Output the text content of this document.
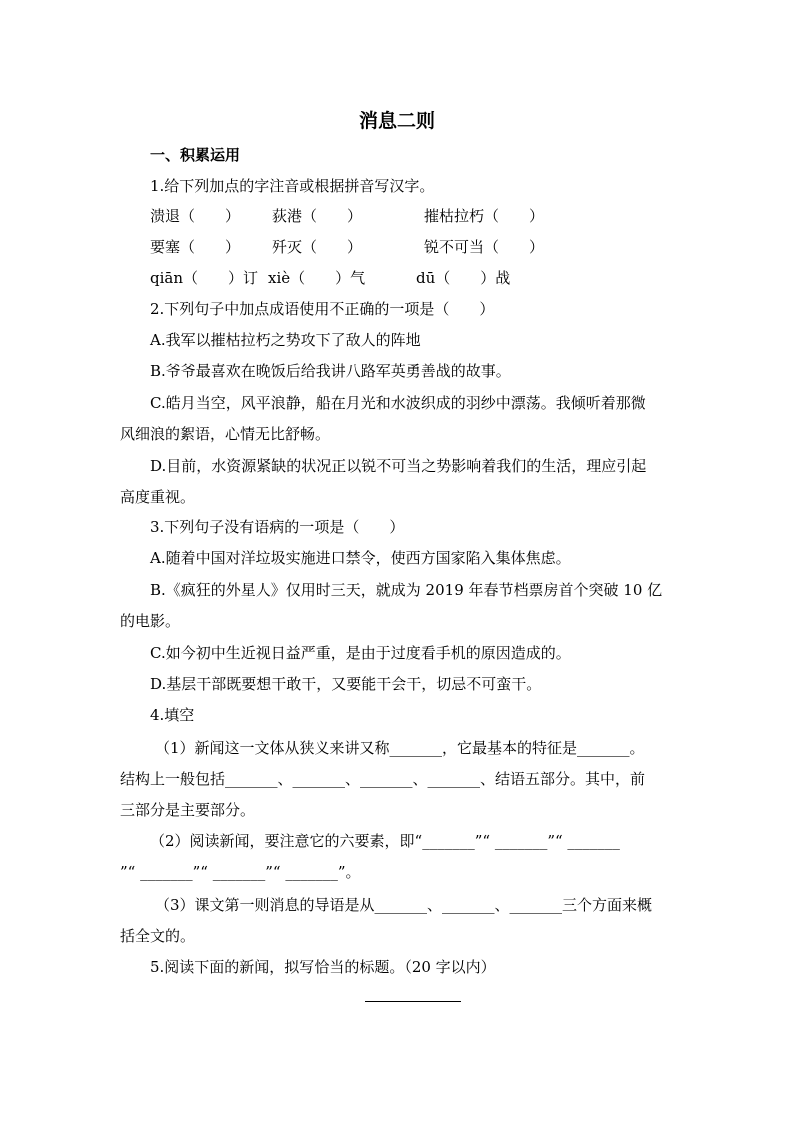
消息二则
一、积累运用
1.给下列加点的字注音或根据拼音写汉字。
溃退（　　） 荻港（　　）	摧枯拉朽（　　）
要塞（　　） 歼灭（　　）	锐不可当（　　）
qiān（　　）订 xiè（　　）气	dū（　　）战
2.下列句子中加点成语使用不正确的一项是（　　）
A.我军以摧枯拉朽之势攻下了敌人的阵地
B.爷爷最喜欢在晚饭后给我讲八路军英勇善战的故事。
C.皓月当空，风平浪静，船在月光和水波织成的羽纱中漂荡。我倾听着那微
风细浪的絮语，心情无比舒畅。
D.目前，水资源紧缺的状况正以锐不可当之势影响着我们的生活，理应引起
高度重视。
3.下列句子没有语病的一项是（　　）
A.随着中国对洋垃圾实施进口禁令，使西方国家陷入集体焦虑。
B.《疯狂的外星人》仅用时三天，就成为 2019 年春节档票房首个突破 10 亿
的电影。
C.如今初中生近视日益严重，是由于过度看手机的原因造成的。
D.基层干部既要想干敢干，又要能干会干，切忌不可蛮干。
4.填空
（1）新闻这一文体从狭义来讲又称_______，它最基本的特征是_______。
结构上一般包括_______、_______、_______、_______、结语五部分。其中，前
三部分是主要部分。
（2）阅读新闻，要注意它的六要素，即“_______”“ _______”“ _______
”“ _______”“ _______”“ _______”。
（3）课文第一则消息的导语是从_______、_______、_______三个方面来概
括全文的。
5.阅读下面的新闻，拟写恰当的标题。（20 字以内）
